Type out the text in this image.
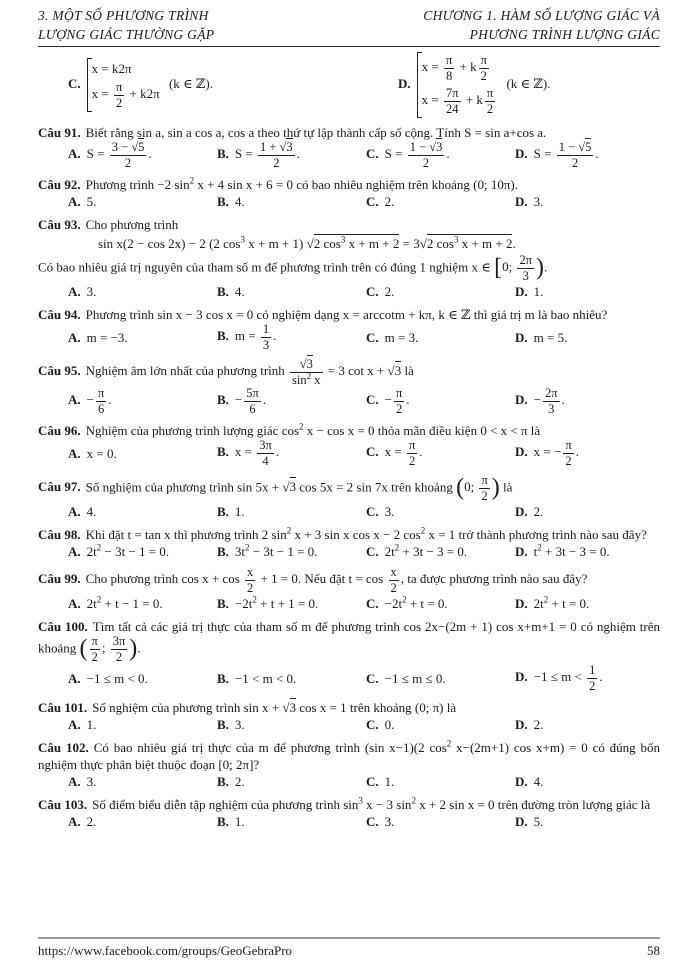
3. MỘT SỐ PHƯƠNG TRÌNH
LƯỢNG GIÁC THƯỜNG GẶP
CHƯƠNG 1. HÀM SỐ LƯỢNG GIÁC VÀ
PHƯƠNG TRÌNH LƯỢNG GIÁC
C.
x = k2π
$x = \frac{\pi}{2} + k2\pi$
(k ∈ ℤ).	D.
$x = \frac{\pi}{8} + k \frac{\pi}{2}$
$x = \frac{7\pi}{24} + k \frac{\pi}{2}$
(k ∈ ℤ).
Câu 91. Biết rằng sin a, sin a cos a, cos a theo thứ tự lập thành cấp số cộng. Tính S = sin a+cos a.
A. $S = \frac{3 - √5}{2}$ .	B. $S = \frac{1 + √3}{2}$ .	C. $S = \frac{1 - √3}{2}$ .	D. $S = \frac{1 - √5}{2}$ .
Câu 92. Phương trình −2 $\sin^2 x + 4$ sin x + 6 = 0 có bao nhiêu nghiệm trên khoảng (0; 10π).
A. 5.	B. 4.	C. 2.	D. 3.
Câu 93. Cho phương trình
sin x(2 − cos 2x) − 2 (2 $\cos^3 x + m + 1$) √2 $\cos^3 x + m + 2 = 3√2$ $\cos^3 x + m + 2$.
Có bao nhiêu giá trị nguyên của tham số m để phương trình trên có đúng 1 nghiệm x ∈ [0; $\frac{2\pi}{3}$ ).
A. 3.	B. 4.	C. 2.	D. 1.
Câu 94. Phương trình sin x − 3 cos x = 0 có nghiệm dạng x = arccotm + kπ, k ∈ ℤ thì giá trị m là bao nhiêu?
A. m = −3.	B. $m = \frac{1}{3}$ .	C. m = 3.	D. m = 5.
Câu 95. Nghiệm âm lớn nhất của phương trình $\frac{√3}{\sin^2 x} = 3$ cot x + √3 là
A. − $\frac{\pi}{6}$ .	B. − $\frac{5\pi}{6}$ .	C. − $\frac{\pi}{2}$ .	D. − $\frac{2\pi}{3}$ .
Câu 96. Nghiệm của phương trình lượng giác $\cos^2 x - \cos x = 0$ thỏa mãn điều kiện 0 < x < π là
A. x = 0.	B. $x = \frac{3\pi}{4}$ .	C. $x = \frac{\pi}{2}$ .	D. x = − $\frac{\pi}{2}$ .
Câu 97. Số nghiệm của phương trình sin 5x + √3 cos 5x = 2 sin 7x trên khoảng (0; $\frac{\pi}{2}$ ) là
A. 4.	B. 1.	C. 3.	D. 2.
Câu 98. Khi đặt t = tan x thì phương trình 2 $\sin^2 x + 3$ sin x cos x − 2 $\cos^2 x = 1$ trở thành phương trình nào sau đây?
A. $2t^2 - 3t - 1 = 0$.	B. $3t^2 - 3t - 1 = 0$.	C. $2t^2 + 3t - 3 = 0$.	D. $t^2 + 3t - 3 = 0$.
Câu 99. Cho phương trình $\cos x + \cos \frac{x}{2} + 1 = 0$. Nếu đặt $t = \cos \frac{x}{2}$ , ta được phương trình nào sau đây?
A. $2t^2 + t - 1 = 0$.	B. $-2t^2 + t + 1 = 0$.	C. $-2t^2 + t = 0$.	D. $2t^2 + t = 0$.
Câu 100. Tìm tất cả các giá trị thực của tham số m để phương trình cos 2x−(2m + 1) cos x+m+1 = 0 có nghiệm trên khoảng ( $\frac{\pi}{2}$ ; $\frac{3\pi}{2}$ ).
A. −1 ≤ m < 0.	B. −1 < m < 0.	C. −1 ≤ m ≤ 0.	D. $-1 \le m < \frac{1}{2}$ .
Câu 101. Số nghiệm của phương trình sin x + √3 cos x = 1 trên khoảng (0; π) là
A. 1.	B. 3.	C. 0.	D. 2.
Câu 102. Có bao nhiêu giá trị thực của m để phương trình (sin x−1)(2 $\cos^2 x-(2m+1)$ cos x+m) = 0 có đúng bốn nghiệm thực phân biệt thuộc đoạn [0; 2π]?
A. 3.	B. 2.	C. 1.	D. 4.
Câu 103. Số điểm biểu diễn tập nghiệm của phương trình $\sin^3 x - 3$ $\sin^2 x + 2$ sin x = 0 trên đường tròn lượng giác là
A. 2.	B. 1.	C. 3.	D. 5.
https://www.facebook.com/groups/GeoGebraPro	58
